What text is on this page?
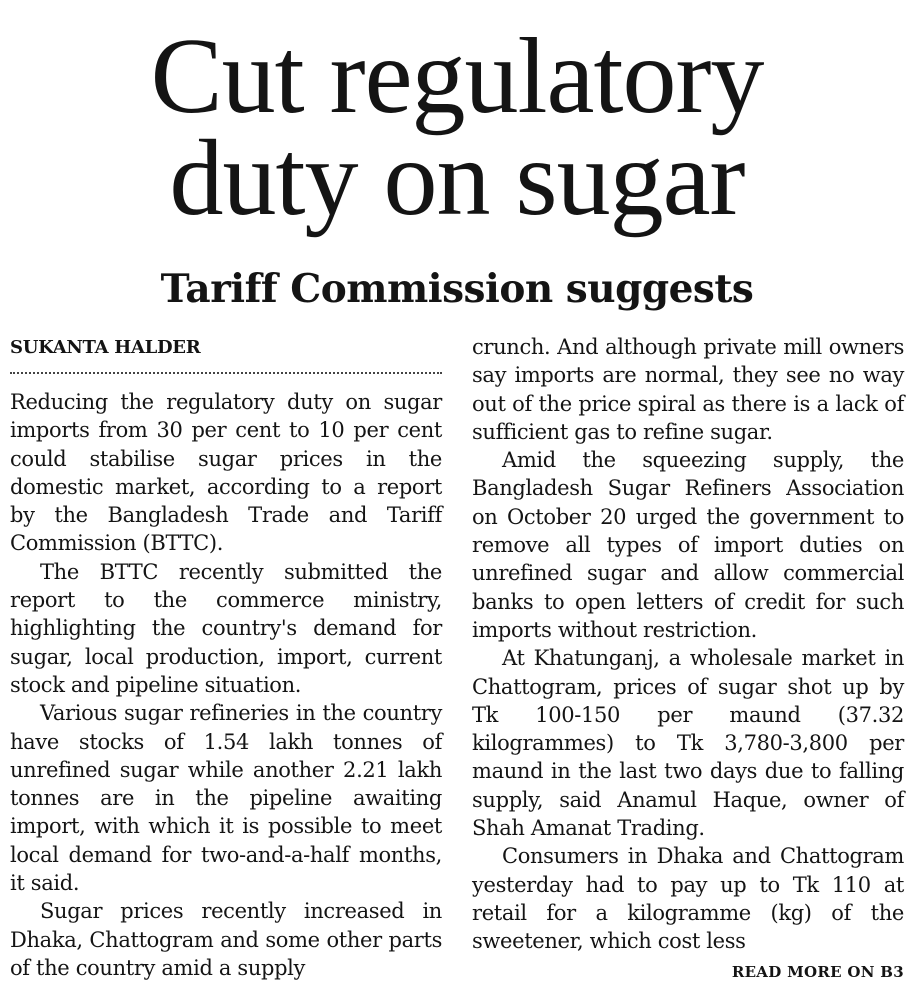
Cut regulatory
duty on sugar
Tariff Commission suggests
SUKANTA HALDER

Reducing the regulatory duty on sugar imports from 30 per cent to 10 per cent could stabilise sugar prices in the domestic market, according to a report by the Bangladesh Trade and Tariff Commission (BTTC).

The BTTC recently submitted the report to the commerce ministry, highlighting the country's demand for sugar, local production, import, current stock and pipeline situation.

Various sugar refineries in the country have stocks of 1.54 lakh tonnes of unrefined sugar while another 2.21 lakh tonnes are in the pipeline awaiting import, with which it is possible to meet local demand for two-and-a-half months, it said.

Sugar prices recently increased in Dhaka, Chattogram and some other parts of the country amid a supply

crunch. And although private mill owners say imports are normal, they see no way out of the price spiral as there is a lack of sufficient gas to refine sugar.

Amid the squeezing supply, the Bangladesh Sugar Refiners Association on October 20 urged the government to remove all types of import duties on unrefined sugar and allow commercial banks to open letters of credit for such imports without restriction.

At Khatunganj, a wholesale market in Chattogram, prices of sugar shot up by Tk 100-150 per maund (37.32 kilogrammes) to Tk 3,780-3,800 per maund in the last two days due to falling supply, said Anamul Haque, owner of Shah Amanat Trading.

Consumers in Dhaka and Chattogram yesterday had to pay up to Tk 110 at retail for a kilogramme (kg) of the sweetener, which cost less

READ MORE ON B3
